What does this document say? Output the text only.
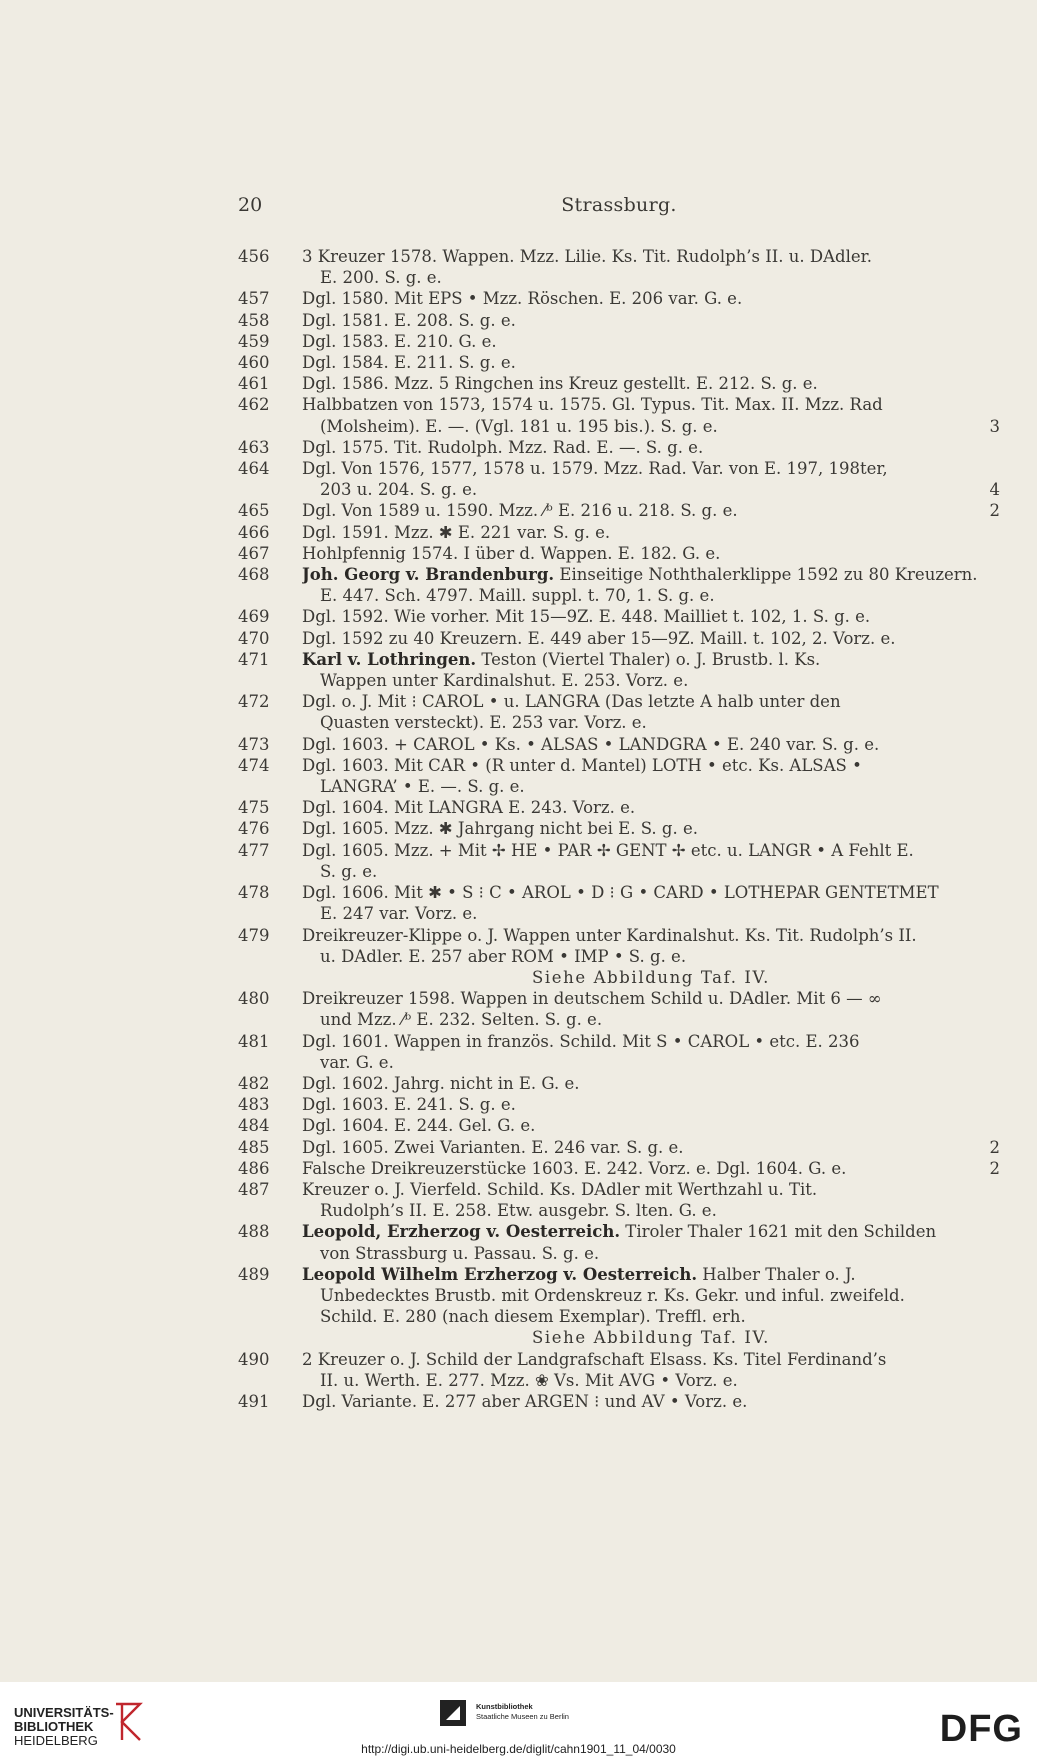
20	Strassburg.
456	3 Kreuzer 1578. Wappen. Mzz. Lilie. Ks. Tit. Rudolph’s II. u. DAdler.
E. 200. S. g. e.
457	Dgl. 1580. Mit EPS • Mzz. Röschen. E. 206 var. G. e.
458	Dgl. 1581. E. 208. S. g. e.
459	Dgl. 1583. E. 210. G. e.
460	Dgl. 1584. E. 211. S. g. e.
461	Dgl. 1586. Mzz. 5 Ringchen ins Kreuz gestellt. E. 212. S. g. e.
462	Halbbatzen von 1573, 1574 u. 1575. Gl. Typus. Tit. Max. II. Mzz. Rad
(Molsheim). E. —. (Vgl. 181 u. 195 bis.). S. g. e.	3
463	Dgl. 1575. Tit. Rudolph. Mzz. Rad. E. —. S. g. e.
464	Dgl. Von 1576, 1577, 1578 u. 1579. Mzz. Rad. Var. von E. 197, 198ter,
203 u. 204. S. g. e.	4
465	Dgl. Von 1589 u. 1590. Mzz. ⁄ᵇ E. 216 u. 218. S. g. e.	2
466	Dgl. 1591. Mzz. ✱ E. 221 var. S. g. e.
467	Hohlpfennig 1574. I über d. Wappen. E. 182. G. e.
468	Joh. Georg v. Brandenburg. Einseitige Noththalerklippe 1592 zu 80 Kreuzern.
E. 447. Sch. 4797. Maill. suppl. t. 70, 1. S. g. e.
469	Dgl. 1592. Wie vorher. Mit 15—9Z. E. 448. Mailliet t. 102, 1. S. g. e.
470	Dgl. 1592 zu 40 Kreuzern. E. 449 aber 15—9Z. Maill. t. 102, 2. Vorz. e.
471	Karl v. Lothringen. Teston (Viertel Thaler) o. J. Brustb. l. Ks.
Wappen unter Kardinalshut. E. 253. Vorz. e.
472	Dgl. o. J. Mit ⁝ CAROL • u. LANGRA (Das letzte A halb unter den
Quasten versteckt). E. 253 var. Vorz. e.
473	Dgl. 1603. + CAROL • Ks. • ALSAS • LANDGRA • E. 240 var. S. g. e.
474	Dgl. 1603. Mit CAR • (R unter d. Mantel) LOTH • etc. Ks. ALSAS •
LANGRA’ • E. —. S. g. e.
475	Dgl. 1604. Mit LANGRA E. 243. Vorz. e.
476	Dgl. 1605. Mzz. ✱ Jahrgang nicht bei E. S. g. e.
477	Dgl. 1605. Mzz. + Mit ✢ HE • PAR ✢ GENT ✢ etc. u. LANGR • A Fehlt E.
S. g. e.
478	Dgl. 1606. Mit ✱ • S ⁝ C • AROL • D ⁝ G • CARD • LOTHEPAR GENTETMET
E. 247 var. Vorz. e.
479	Dreikreuzer-Klippe o. J. Wappen unter Kardinalshut. Ks. Tit. Rudolph’s II.
u. DAdler. E. 257 aber ROM • IMP • S. g. e.
Siehe Abbildung Taf. IV.
480	Dreikreuzer 1598. Wappen in deutschem Schild u. DAdler. Mit 6 — ∞
und Mzz. ⁄ᵇ E. 232. Selten. S. g. e.
481	Dgl. 1601. Wappen in französ. Schild. Mit S • CAROL • etc. E. 236
var. G. e.
482	Dgl. 1602. Jahrg. nicht in E. G. e.
483	Dgl. 1603. E. 241. S. g. e.
484	Dgl. 1604. E. 244. Gel. G. e.
485	Dgl. 1605. Zwei Varianten. E. 246 var. S. g. e.	2
486	Falsche Dreikreuzerstücke 1603. E. 242. Vorz. e. Dgl. 1604. G. e.	2
487	Kreuzer o. J. Vierfeld. Schild. Ks. DAdler mit Werthzahl u. Tit.
Rudolph’s II. E. 258. Etw. ausgebr. S. lten. G. e.
488	Leopold, Erzherzog v. Oesterreich. Tiroler Thaler 1621 mit den Schilden
von Strassburg u. Passau. S. g. e.
489	Leopold Wilhelm Erzherzog v. Oesterreich. Halber Thaler o. J.
Unbedecktes Brustb. mit Ordenskreuz r. Ks. Gekr. und inful. zweifeld.
Schild. E. 280 (nach diesem Exemplar). Treffl. erh.
Siehe Abbildung Taf. IV.
490	2 Kreuzer o. J. Schild der Landgrafschaft Elsass. Ks. Titel Ferdinand’s
II. u. Werth. E. 277. Mzz. ❀ Vs. Mit AVG • Vorz. e.
491	Dgl. Variante. E. 277 aber ARGEN ⁝ und AV • Vorz. e.
UNIVERSITÄTS-
BIBLIOTHEK
HEIDELBERG
Kunstbibliothek
Staatliche Museen zu Berlin	DFG
http://digi.ub.uni-heidelberg.de/diglit/cahn1901_11_04/0030
